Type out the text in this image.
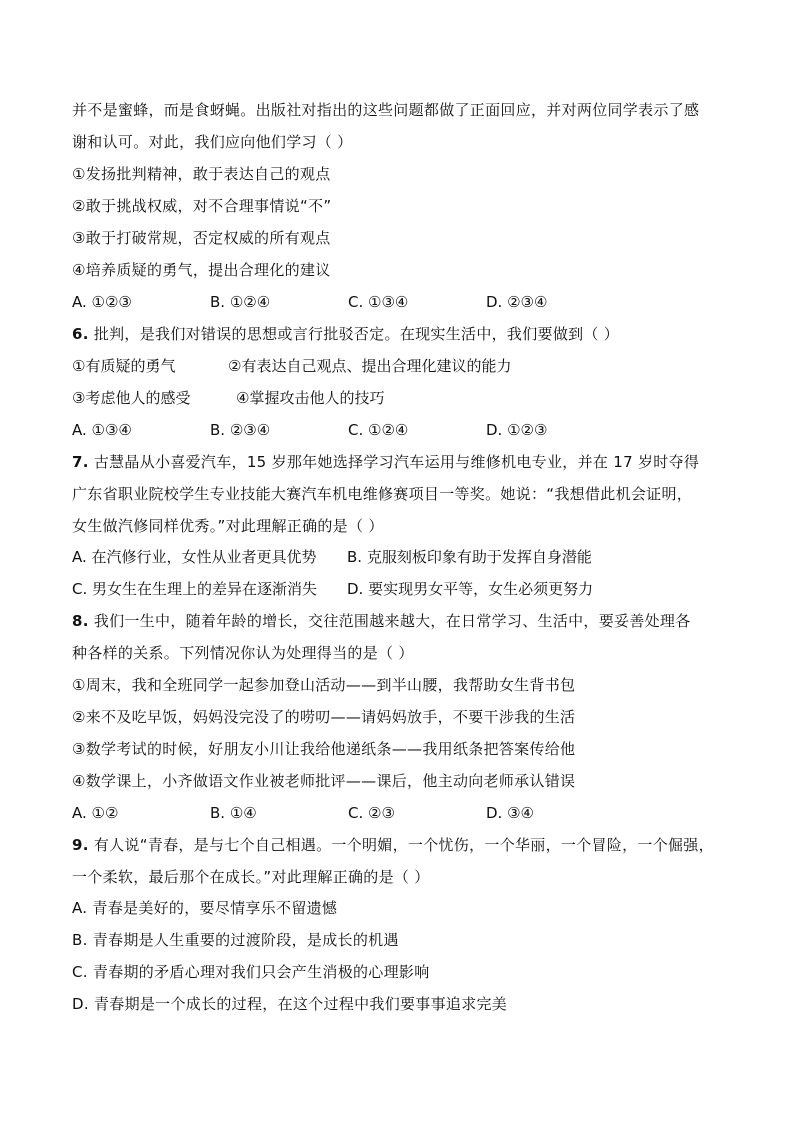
并不是蜜蜂，而是食蚜蝇。出版社对指出的这些问题都做了正面回应，并对两位同学表示了感
谢和认可。对此，我们应向他们学习（ ）
①发扬批判精神，敢于表达自己的观点
②敢于挑战权威，对不合理事情说“不”
③敢于打破常规，否定权威的所有观点
④培养质疑的勇气，提出合理化的建议
A. ①②③	B. ①②④	C. ①③④	D. ②③④
6. 批判，是我们对错误的思想或言行批驳否定。在现实生活中，我们要做到（ ）
①有质疑的勇气	②有表达自己观点、提出合理化建议的能力
③考虑他人的感受	④掌握攻击他人的技巧
A. ①③④	B. ②③④	C. ①②④	D. ①②③
7. 古慧晶从小喜爱汽车，15 岁那年她选择学习汽车运用与维修机电专业，并在 17 岁时夺得
广东省职业院校学生专业技能大赛汽车机电维修赛项目一等奖。她说：“我想借此机会证明，
女生做汽修同样优秀。”对此理解正确的是（ ）
A. 在汽修行业，女性从业者更具优势 B. 克服刻板印象有助于发挥自身潜能
C. 男女生在生理上的差异在逐渐消失 D. 要实现男女平等，女生必须更努力
8. 我们一生中，随着年龄的增长，交往范围越来越大，在日常学习、生活中，要妥善处理各
种各样的关系。下列情况你认为处理得当的是（ ）
①周末，我和全班同学一起参加登山活动——到半山腰，我帮助女生背书包
②来不及吃早饭，妈妈没完没了的唠叨——请妈妈放手，不要干涉我的生活
③数学考试的时候，好朋友小川让我给他递纸条——我用纸条把答案传给他
④数学课上，小齐做语文作业被老师批评——课后，他主动向老师承认错误
A. ①②	B. ①④	C. ②③	D. ③④
9. 有人说“青春，是与七个自己相遇。一个明媚，一个忧伤，一个华丽，一个冒险，一个倔强，
一个柔软，最后那个在成长。”对此理解正确的是（ ）
A. 青春是美好的，要尽情享乐不留遗憾
B. 青春期是人生重要的过渡阶段，是成长的机遇
C. 青春期的矛盾心理对我们只会产生消极的心理影响
D. 青春期是一个成长的过程，在这个过程中我们要事事追求完美
